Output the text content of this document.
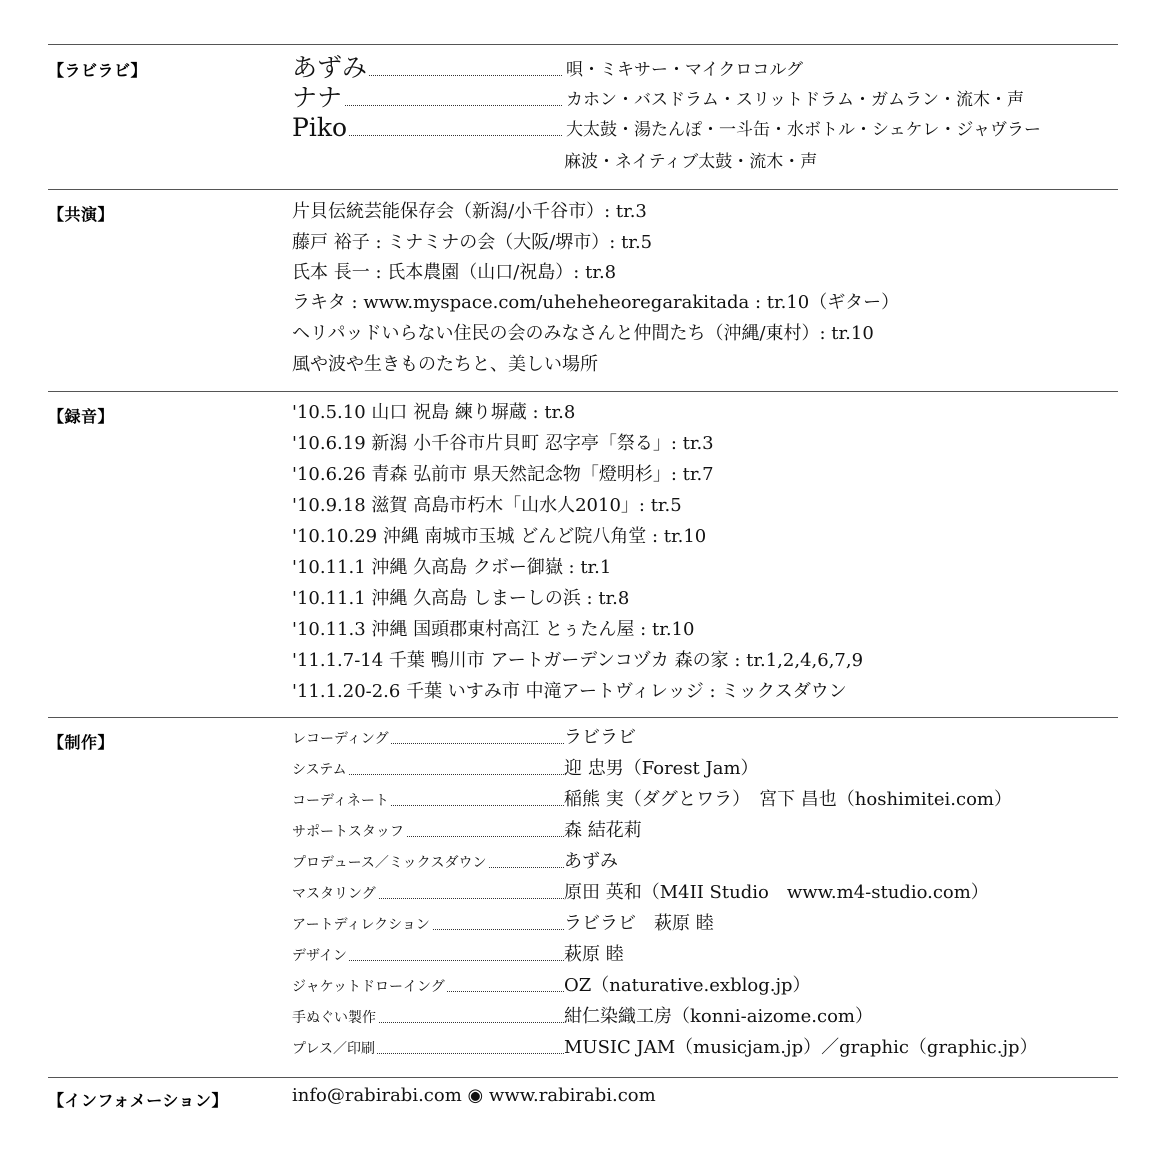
【ラビラビ】	あずみ	唄・ミキサー・マイクロコルグ
ナナ	カホン・バスドラム・スリットドラム・ガムラン・流木・声
Piko	大太鼓・湯たんぽ・一斗缶・水ボトル・シェケレ・ジャヴラー
麻波・ネイティブ太鼓・流木・声
【共演】	片貝伝統芸能保存会（新潟/小千谷市）: tr.3
藤戸 裕子 : ミナミナの会（大阪/堺市）: tr.5
氏本 長一 : 氏本農園（山口/祝島）: tr.8
ラキタ : www.myspace.com/uheheheoregarakitada : tr.10（ギター）
ヘリパッドいらない住民の会のみなさんと仲間たち（沖縄/東村）: tr.10
風や波や生きものたちと、美しい場所
【録音】	'10.5.10 山口 祝島 練り塀蔵 : tr.8
'10.6.19 新潟 小千谷市片貝町 忍字亭「祭る」: tr.3
'10.6.26 青森 弘前市 県天然記念物「燈明杉」: tr.7
'10.9.18 滋賀 高島市朽木「山水人2010」: tr.5
'10.10.29 沖縄 南城市玉城 どんど院八角堂 : tr.10
'10.11.1 沖縄 久高島 クボー御嶽 : tr.1
'10.11.1 沖縄 久高島 しまーしの浜 : tr.8
'10.11.3 沖縄 国頭郡東村高江 とぅたん屋 : tr.10
'11.1.7-14 千葉 鴨川市 アートガーデンコヅカ 森の家 : tr.1,2,4,6,7,9
'11.1.20-2.6 千葉 いすみ市 中滝アートヴィレッジ : ミックスダウン
【制作】	レコーディング	ラビラビ
システム	迎 忠男（Forest Jam）
コーディネート	稲熊 実（ダグとワラ）　宮下 昌也（hoshimitei.com）
サポートスタッフ	森 結花莉
プロデュース／ミックスダウン	あずみ
マスタリング	原田 英和（M4II Studio　www.m4-studio.com）
アートディレクション	ラビラビ　萩原 睦
デザイン	萩原 睦
ジャケットドローイング	OZ（naturative.exblog.jp）
手ぬぐい製作	紺仁染織工房（konni-aizome.com）
プレス／印刷	MUSIC JAM（musicjam.jp）／graphic（graphic.jp）
【インフォメーション】	info@rabirabi.com ◉ www.rabirabi.com
